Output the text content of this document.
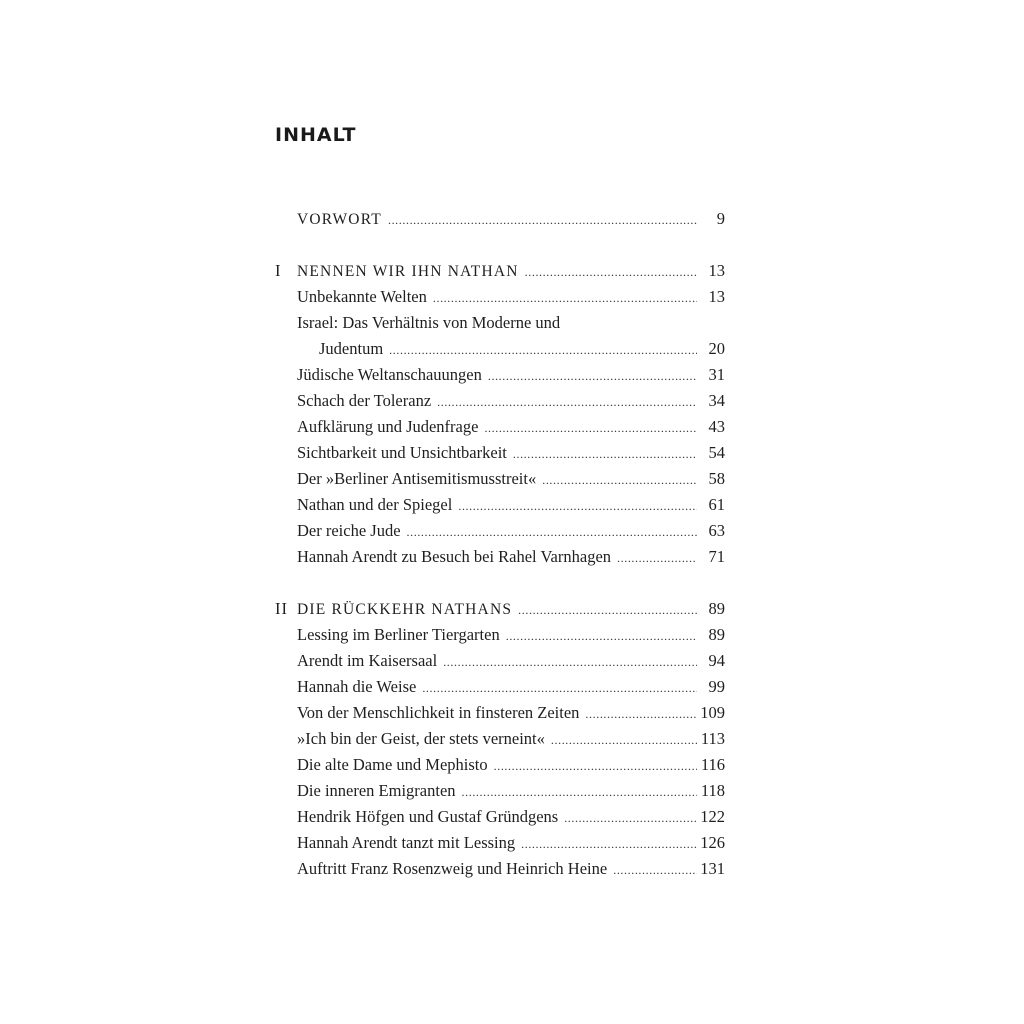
INHALT
VORWORT .....	9
I	NENNEN WIR IHN NATHAN .....	13
Unbekannte Welten .....	13
Israel: Das Verhältnis von Moderne und
Judentum .....	20
Jüdische Weltanschauungen .....	31
Schach der Toleranz .....	34
Aufklärung und Judenfrage .....	43
Sichtbarkeit und Unsichtbarkeit .....	54
Der »Berliner Antisemitismusstreit« .....	58
Nathan und der Spiegel .....	61
Der reiche Jude .....	63
Hannah Arendt zu Besuch bei Rahel Varnhagen .....	71
II DIE RÜCKKEHR NATHANS .....	89
Lessing im Berliner Tiergarten .....	89
Arendt im Kaisersaal .....	94
Hannah die Weise .....	99
Von der Menschlichkeit in finsteren Zeiten .....	109
»Ich bin der Geist, der stets verneint« .....	113
Die alte Dame und Mephisto .....	116
Die inneren Emigranten .....	118
Hendrik Höfgen und Gustaf Gründgens .....	122
Hannah Arendt tanzt mit Lessing .....	126
Auftritt Franz Rosenzweig und Heinrich Heine .....	131
